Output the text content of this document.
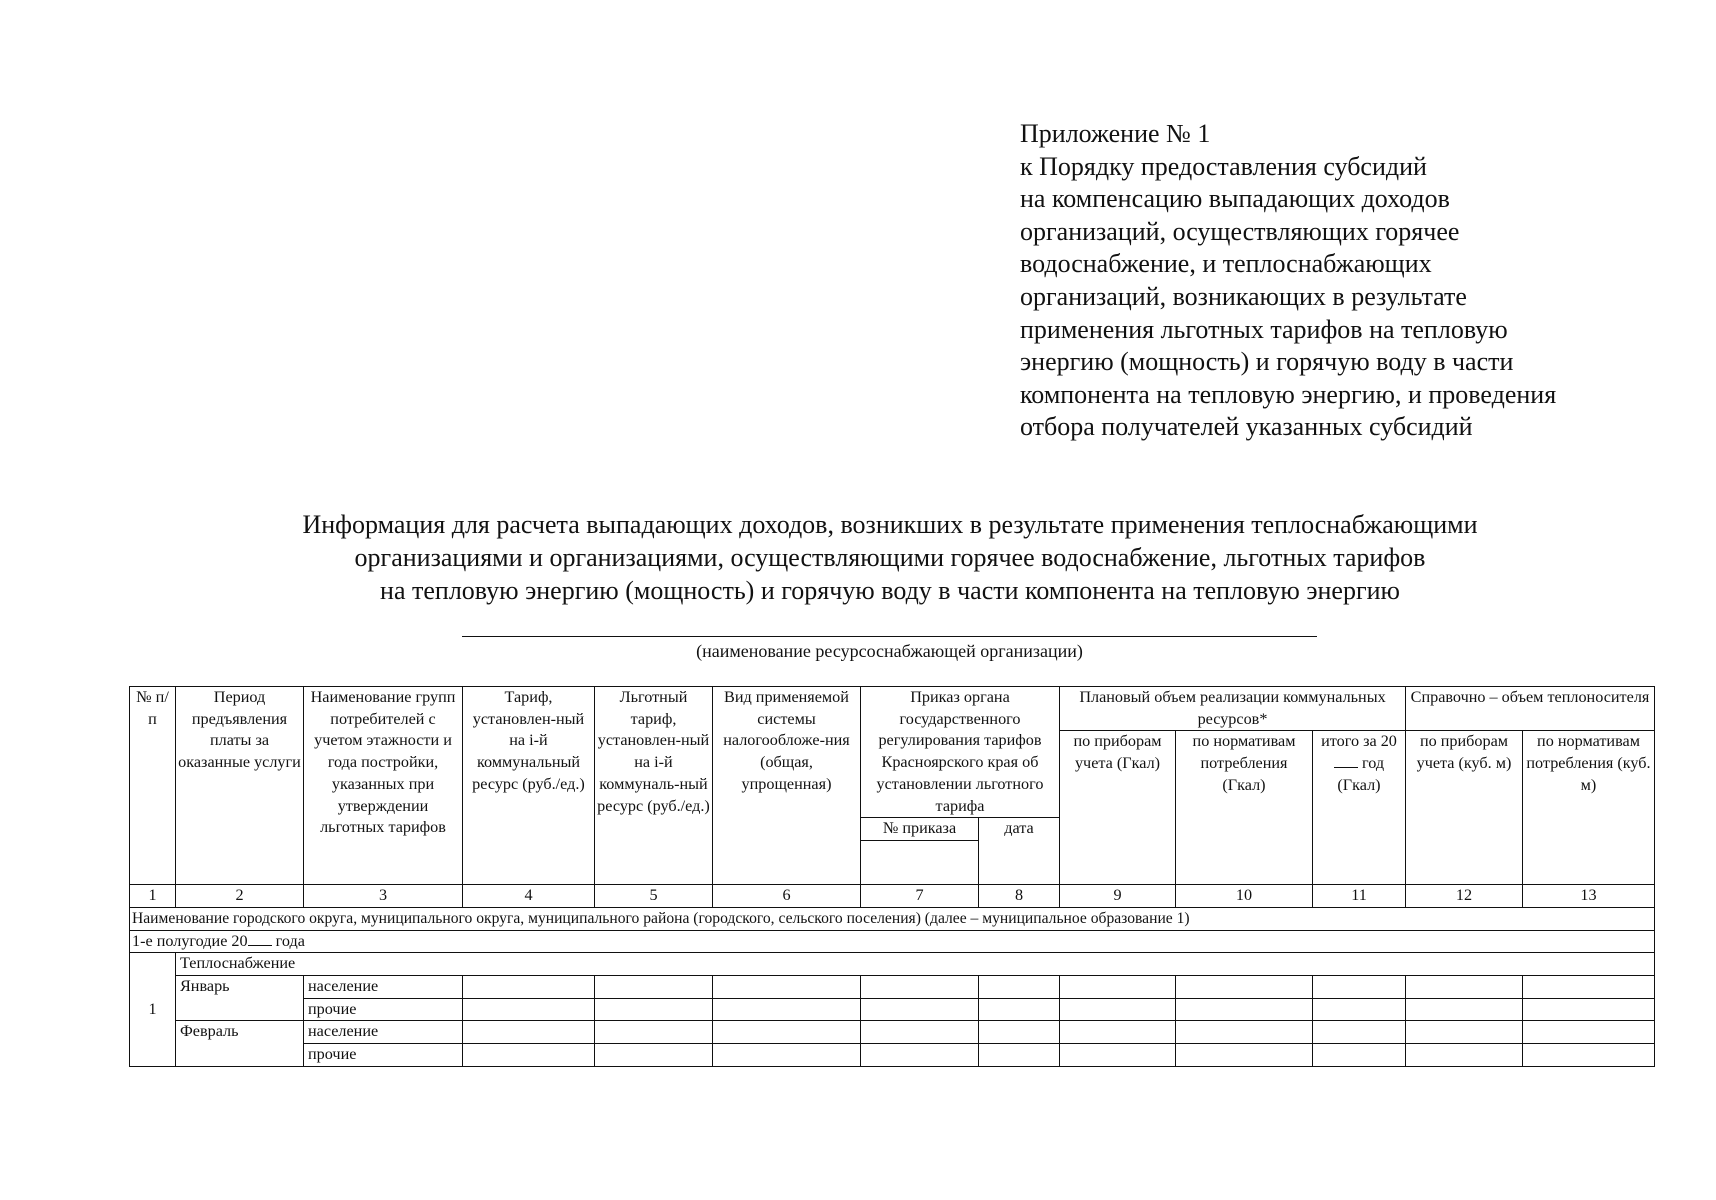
Приложение № 1
к Порядку предоставления субсидий
на компенсацию выпадающих доходов
организаций, осуществляющих горячее
водоснабжение, и теплоснабжающих
организаций, возникающих в результате
применения льготных тарифов на тепловую
энергию (мощность) и горячую воду в части
компонента на тепловую энергию, и проведения
отбора получателей указанных субсидий
Информация для расчета выпадающих доходов, возникших в результате применения теплоснабжающими
организациями и организациями, осуществляющими горячее водоснабжение, льготных тарифов
на тепловую энергию (мощность) и горячую воду в части компонента на тепловую энергию
(наименование ресурсоснабжающей организации)
№ п/п	Период предъявления платы за оказанные услуги	Наименование групп потребителей с учетом этажности и года постройки, указанных при утверждении льготных тарифов	Тариф, установлен-ный на i-й коммунальный ресурс (руб./ед.)	Льготный тариф, установлен-ный на i-й коммуналь-ный ресурс (руб./ед.)	Вид применяемой системы налогообложе-ния (общая, упрощенная)	Приказ органа государственного регулирования тарифов Красноярского края об установлении льготного тарифа		Плановый объем реализации коммунальных ресурсов*			Справочно – объем теплоносителя	
								по приборам учета (Гкал)	по нормативам потребления (Гкал)	итого за 20 год (Гкал)	по приборам учета (куб. м)	по нормативам потребления (куб. м)
						№ приказа	дата					

1	2	3	4	5	6	7	8	9	10	11	12	13
Наименование городского округа, муниципального округа, муниципального района (городского, сельского поселения) (далее – муниципальное образование 1)												
1-е полугодие 20 года												
1	Теплоснабжение											
	Январь	население										
		прочие										
	Февраль	население										
		прочие										
